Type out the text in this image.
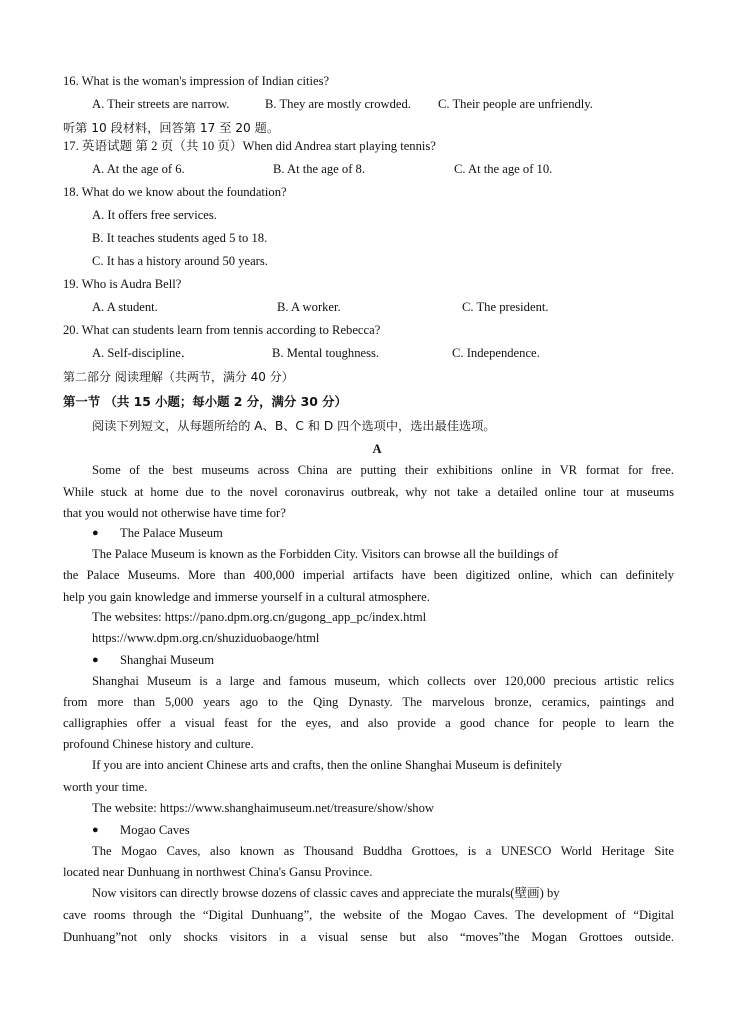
16. What is the woman's impression of Indian cities?
A. Their streets are narrow.	B. They are mostly crowded. C. Their people are unfriendly.
听第 10 段材料，回答第 17 至 20 题。
17. 英语试题 第 2 页（共 10 页）When did Andrea start playing tennis?
A. At the age of 6.	B. At the age of 8.	C. At the age of 10.
18. What do we know about the foundation?
A. It offers free services.
B. It teaches students aged 5 to 18.
C. It has a history around 50 years.
19. Who is Audra Bell?
A. A student.	B. A worker.	C. The president.
20. What can students learn from tennis according to Rebecca?
A. Self-discipline．	B. Mental toughness.	C. Independence.
第二部分 阅读理解（共两节，满分 40 分）
第一节 （共 15 小题；每小题 2 分，满分 30 分）
阅读下列短文，从每题所给的 A、B、C 和 D 四个选项中，选出最佳选项。
A
Some of the best museums across China are putting their exhibitions online in VR format for free.
While stuck at home due to the novel coronavirus outbreak, why not take a detailed online tour at museums
that you would not otherwise have time for?
● The Palace Museum
The Palace Museum is known as the Forbidden City. Visitors can browse all the buildings of
the Palace Museums. More than 400,000 imperial artifacts have been digitized online, which can definitely
help you gain knowledge and immerse yourself in a cultural atmosphere.
The websites: https://pano.dpm.org.cn/gugong_app_pc/index.html
https://www.dpm.org.cn/shuziduobaoge/html
● Shanghai Museum
Shanghai Museum is a large and famous museum, which collects over 120,000 precious artistic relics
from more than 5,000 years ago to the Qing Dynasty. The marvelous bronze, ceramics, paintings and
calligraphies offer a visual feast for the eyes, and also provide a good chance for people to learn the
profound Chinese history and culture.
If you are into ancient Chinese arts and crafts, then the online Shanghai Museum is definitely
worth your time.
The website: https://www.shanghaimuseum.net/treasure/show/show
● Mogao Caves
The Mogao Caves, also known as Thousand Buddha Grottoes, is a UNESCO World Heritage Site
located near Dunhuang in northwest China's Gansu Province.
Now visitors can directly browse dozens of classic caves and appreciate the murals(壁画) by
cave rooms through the “Digital Dunhuang”, the website of the Mogao Caves. The development of “Digital
Dunhuang”not only shocks visitors in a visual sense but also “moves”the Mogan Grottoes outside.
